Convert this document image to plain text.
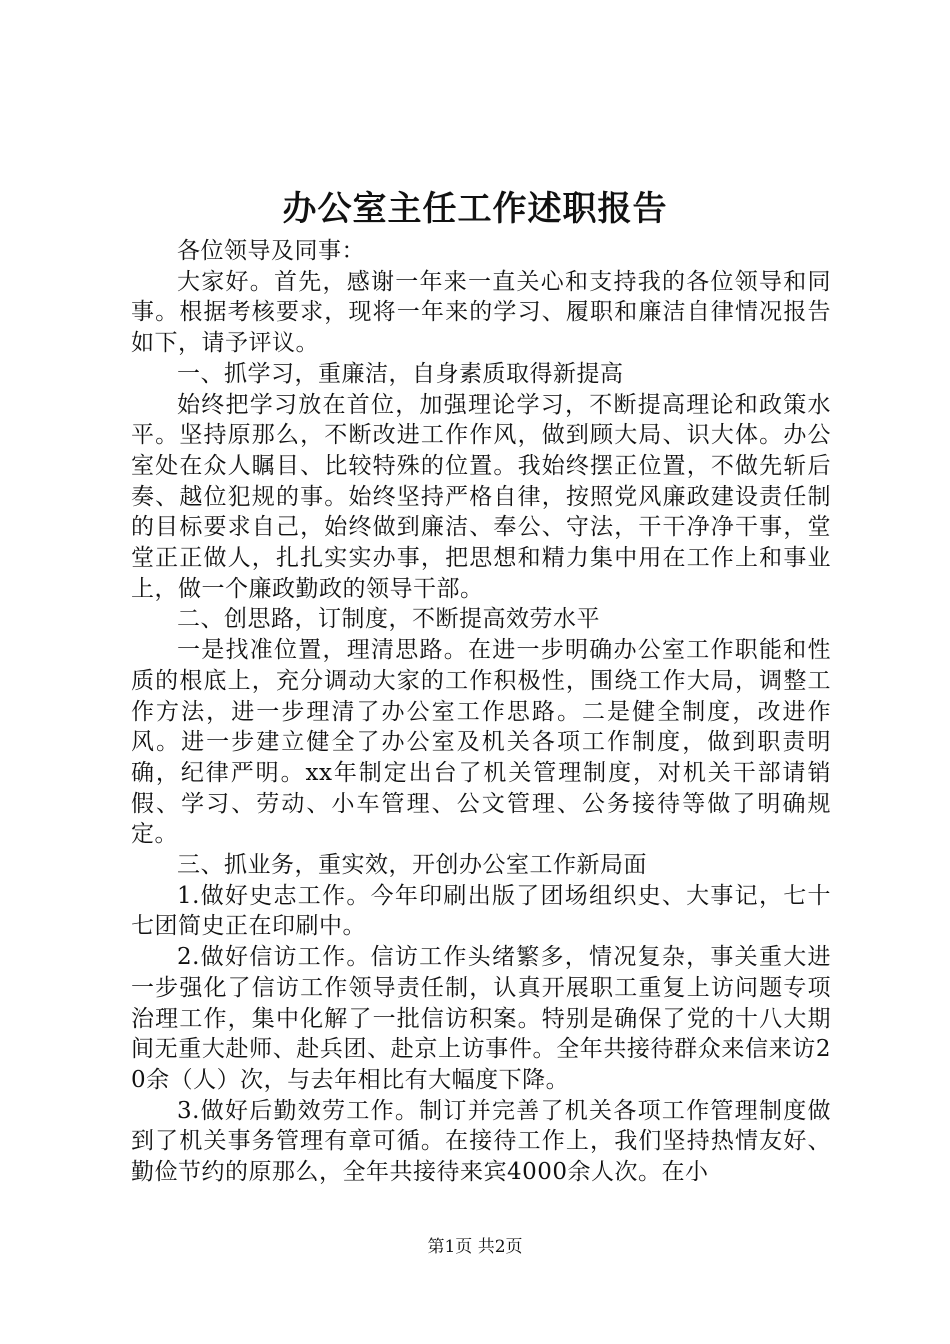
办公室主任工作述职报告

各位领导及同事：

大家好。首先，感谢一年来一直关心和支持我的各位领导和同事。根据考核要求，现将一年来的学习、履职和廉洁自律情况报告如下，请予评议。

一、抓学习，重廉洁，自身素质取得新提高

始终把学习放在首位，加强理论学习，不断提高理论和政策水平。坚持原那么，不断改进工作作风，做到顾大局、识大体。办公室处在众人瞩目、比较特殊的位置。我始终摆正位置，不做先斩后奏、越位犯规的事。始终坚持严格自律，按照党风廉政建设责任制的目标要求自己，始终做到廉洁、奉公、守法，干干净净干事，堂堂正正做人，扎扎实实办事，把思想和精力集中用在工作上和事业上，做一个廉政勤政的领导干部。

二、创思路，订制度，不断提高效劳水平

一是找准位置，理清思路。在进一步明确办公室工作职能和性质的根底上，充分调动大家的工作积极性，围绕工作大局，调整工作方法，进一步理清了办公室工作思路。二是健全制度，改进作风。进一步建立健全了办公室及机关各项工作制度，做到职责明确，纪律严明。xx年制定出台了机关管理制度，对机关干部请销假、学习、劳动、小车管理、公文管理、公务接待等做了明确规定。

三、抓业务，重实效，开创办公室工作新局面

1.做好史志工作。今年印刷出版了团场组织史、大事记，七十七团简史正在印刷中。

2.做好信访工作。信访工作头绪繁多，情况复杂，事关重大进一步强化了信访工作领导责任制，认真开展职工重复上访问题专项治理工作，集中化解了一批信访积案。特别是确保了党的十八大期间无重大赴师、赴兵团、赴京上访事件。全年共接待群众来信来访20余（人）次，与去年相比有大幅度下降。

3.做好后勤效劳工作。制订并完善了机关各项工作管理制度做到了机关事务管理有章可循。在接待工作上，我们坚持热情友好、勤俭节约的原那么，全年共接待来宾4000余人次。在小

第1页 共2页
